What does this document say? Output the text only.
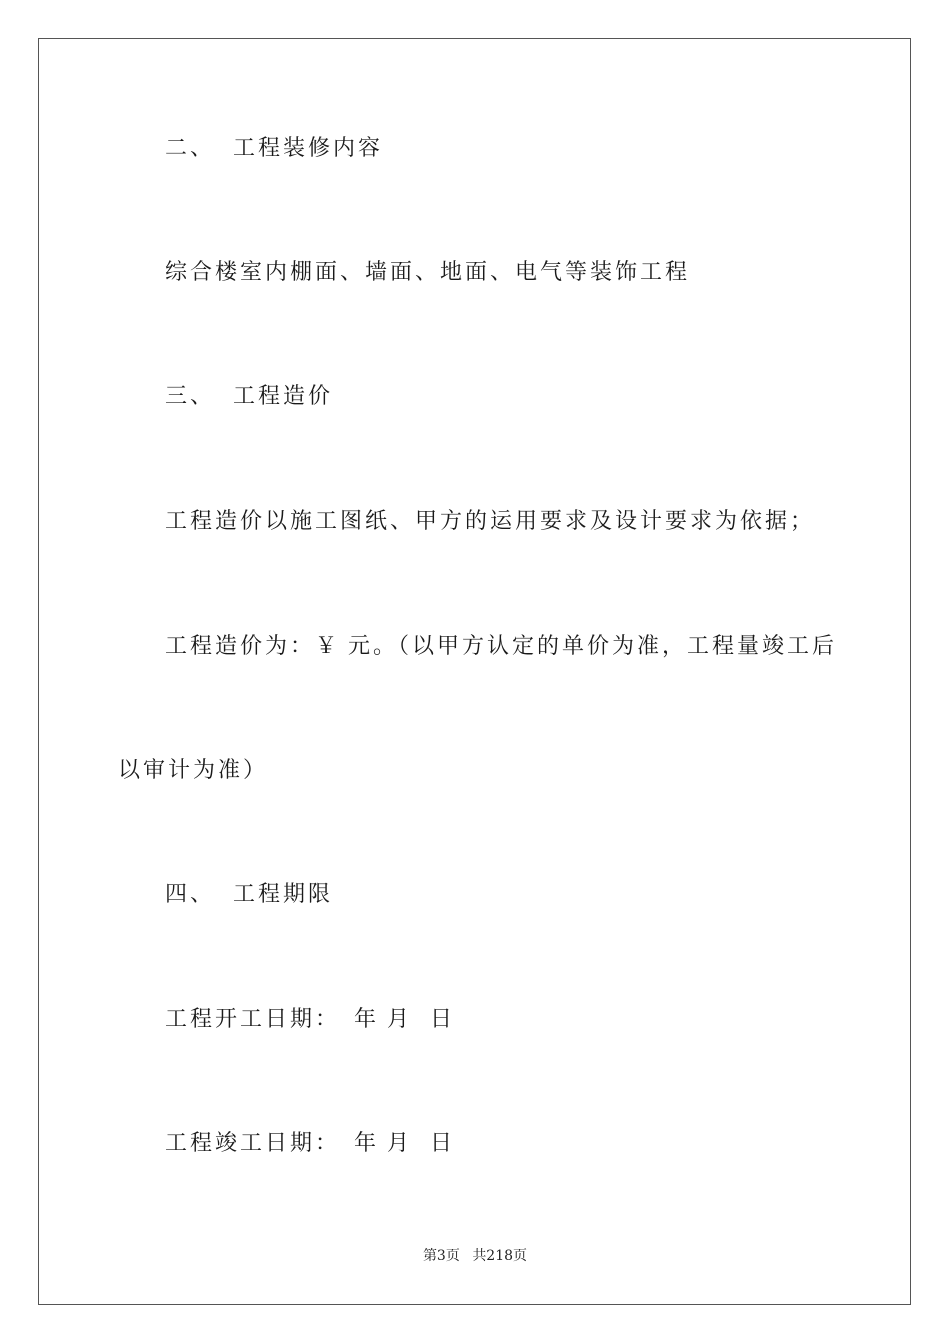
二、 工程装修内容
综合楼室内棚面、墙面、地面、电气等装饰工程
三、 工程造价
工程造价以施工图纸、甲方的运用要求及设计要求为依据；
工程造价为：￥ 元。（以甲方认定的单价为准，工程量竣工后
以审计为准）
四、 工程期限
工程开工日期： 年 月 日
工程竣工日期： 年 月 日
第3页 共218页
